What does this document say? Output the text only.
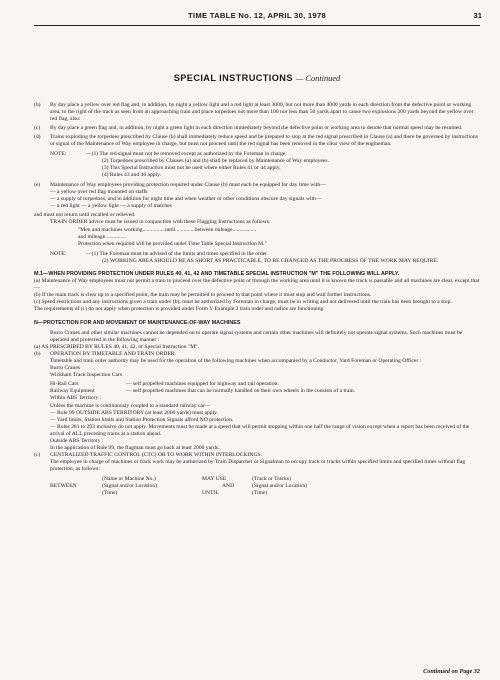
TIME TABLE No. 12, APRIL 30, 1978	31
SPECIAL INSTRUCTIONS — Continued
(b) By day place a yellow over red flag and, in addition, by night a yellow light and a red light at least 3000, but not more than 4000 yards in each direction from the defective point or working area, to the right of the track as seen from an approaching train and place torpedoes not more than 100 nor less than 50 yards apart to cause two explosions 200 yards beyond the yellow over red flag, also:

(c) By day place a green flag and, in addition, by night a green light in each direction immediately beyond the defective point or working area to denote that normal speed may be resumed.

(d) Trains exploding the torpedoes prescribed by Clause (b) shall immediately reduce speed and be prepared to stop at the red signal prescribed in Clause (a) and there be governed by instructions or signal of the Maintenance of Way employee in charge, but must not proceed until the red signal has been removed in the clear view of the engineman.

NOTE:	—(1) The red signal must not be removed except as authorized by the Foreman in charge.

(2) Torpedoes prescribed by Clauses (a) and (b) shall be replaced by Maintenance of Way employees.

(3) This Special Instruction must not be used where either Rules 41 or 44 apply.

(4) Rules 43 and 46 apply.

(e) Maintenance of Way employees providing protection required under Clause (b) must each be equipped for day time with—

— a yellow over red flag mounted on staffs

— a supply of torpedoes, and in addition for night time and when weather or other conditions obscure day signals with—

— a red light — a yellow light — a supply of matches

and must not return until recalled or relieved.

TRAIN ORDER advice must be issued in conjunction with these Flagging Instructions as follows:

"Men and machines working................until..............between mileage.................

and mileage...............

Protection when required will be provided under Time Table Special Instruction M."

NOTE:	—(1) The Foreman must be advised of the limits and times specified in the order.

(2) WORKING AREA SHOULD BE AS SHORT AS PRACTICABLE, TO BE CHANGED AS THE PROGRESS OF THE WORK MAY REQUIRE.

M.1—WHEN PROVIDING PROTECTION UNDER RULES 40, 41, 42 AND TIMETABLE SPECIAL INSTRUCTION "M" THE FOLLOWING WILL APPLY.

(a) Maintenance of Way employees must not permit a train to proceed over the defective point or through the working area until it is known the track is passable and all machines are clear, except that—

(b) If the main track is clear up to a specified point, the train may be permitted to proceed to that point where it must stop and wait further instructions.

(c) Speed restrictions and any instructions given a train under (b), must be authorized by Foreman in charge, must be in writing and not delivered until the train has been brought to a stop.

The requirements of (c) do not apply when protection is provided under Form Y Example 2 train order and radios are functioning.

N—PROTECTION FOR AND MOVEMENT OF MAINTENANCE-OF-WAY MACHINES

Burro Cranes and other similar machines cannot be depended on to operate signal systems and certain other machines will definitely not operate signal systems. Such machines must be operated and protected in the following manner :

(a) AS PRESCRIBED BY RULES 40, 41, 42, or Special Instruction "M".

(b) OPERATION BY TIMETABLE AND TRAIN ORDER.

Timetable and train order authority may be used for the operation of the following machines when accompanied by a Conductor, Yard Foreman or Operating Officer :

Burro Cranes

Wickham Track Inspection Cars

Hi-Rail Cars	— self propelled machines equipped for highway and rail operation.
Railway Equipment	— self propelled machines that can be normally handled on their own wheels in the consists of a train.

Within ABS Territory :

Unless the machine is continuously coupled to a standard railway car—

— Rule 99 OUTSIDE ABS TERRITORY (at least 2000 yards) must apply.

— Yard limits, Station limits and Station Protection Signals afford NO protection.

— Rules 281 to 293 inclusive do not apply. Movements must be made at a speed that will permit stopping within one half the range of vision except when a report has been received of the arrival of ALL preceding trains at a station ahead.

Outside ABS Territory :

In the application of Rule 99, the flagman must go back at least 2000 yards.

(c) CENTRALIZED TRAFFIC CONTROL (CTC) OR TO WORK WITHIN INTERLOCKINGS.

The employee in charge of machines or track work may be authorized by Train Dispatcher or Signalman to occupy track or tracks within specified limits and specified times without flag protection, as follows:

(Name or Machine No.)	MAY USE	(Track or Tracks)
BETWEEN	(Signal and/or Location)	AND	(Signal and/or Location)
(Time)	UNTIL	(Time)
Continued on Page 32
